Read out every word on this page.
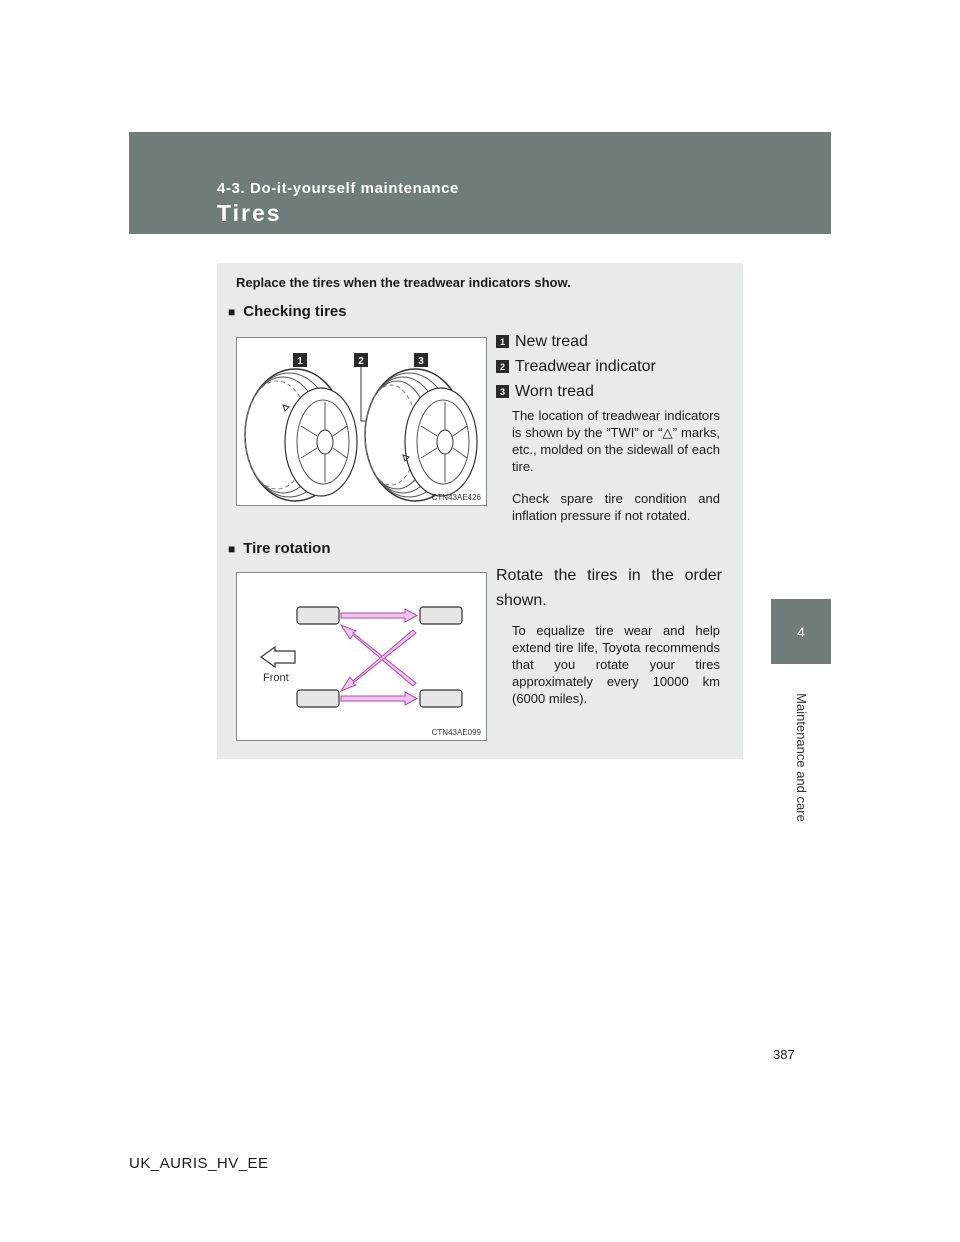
4-3. Do-it-yourself maintenance

Tires
4
Maintenance and care

Replace the tires when the treadwear indicators show.

■ Checking tires
1	2	3
CTN43AE426
1 New tread
2 Treadwear indicator
3 Worn tread

The location of treadwear indicators is shown by the “TWI” or “△” marks, etc., molded on the sidewall of each tire.

Check spare tire condition and inflation pressure if not rotated.

■ Tire rotation
Front
CTN43AE099

Rotate the tires in the order shown.

To equalize tire wear and help extend tire life, Toyota recommends that you rotate your tires approximately every 10000 km (6000 miles).

387

UK_AURIS_HV_EE
